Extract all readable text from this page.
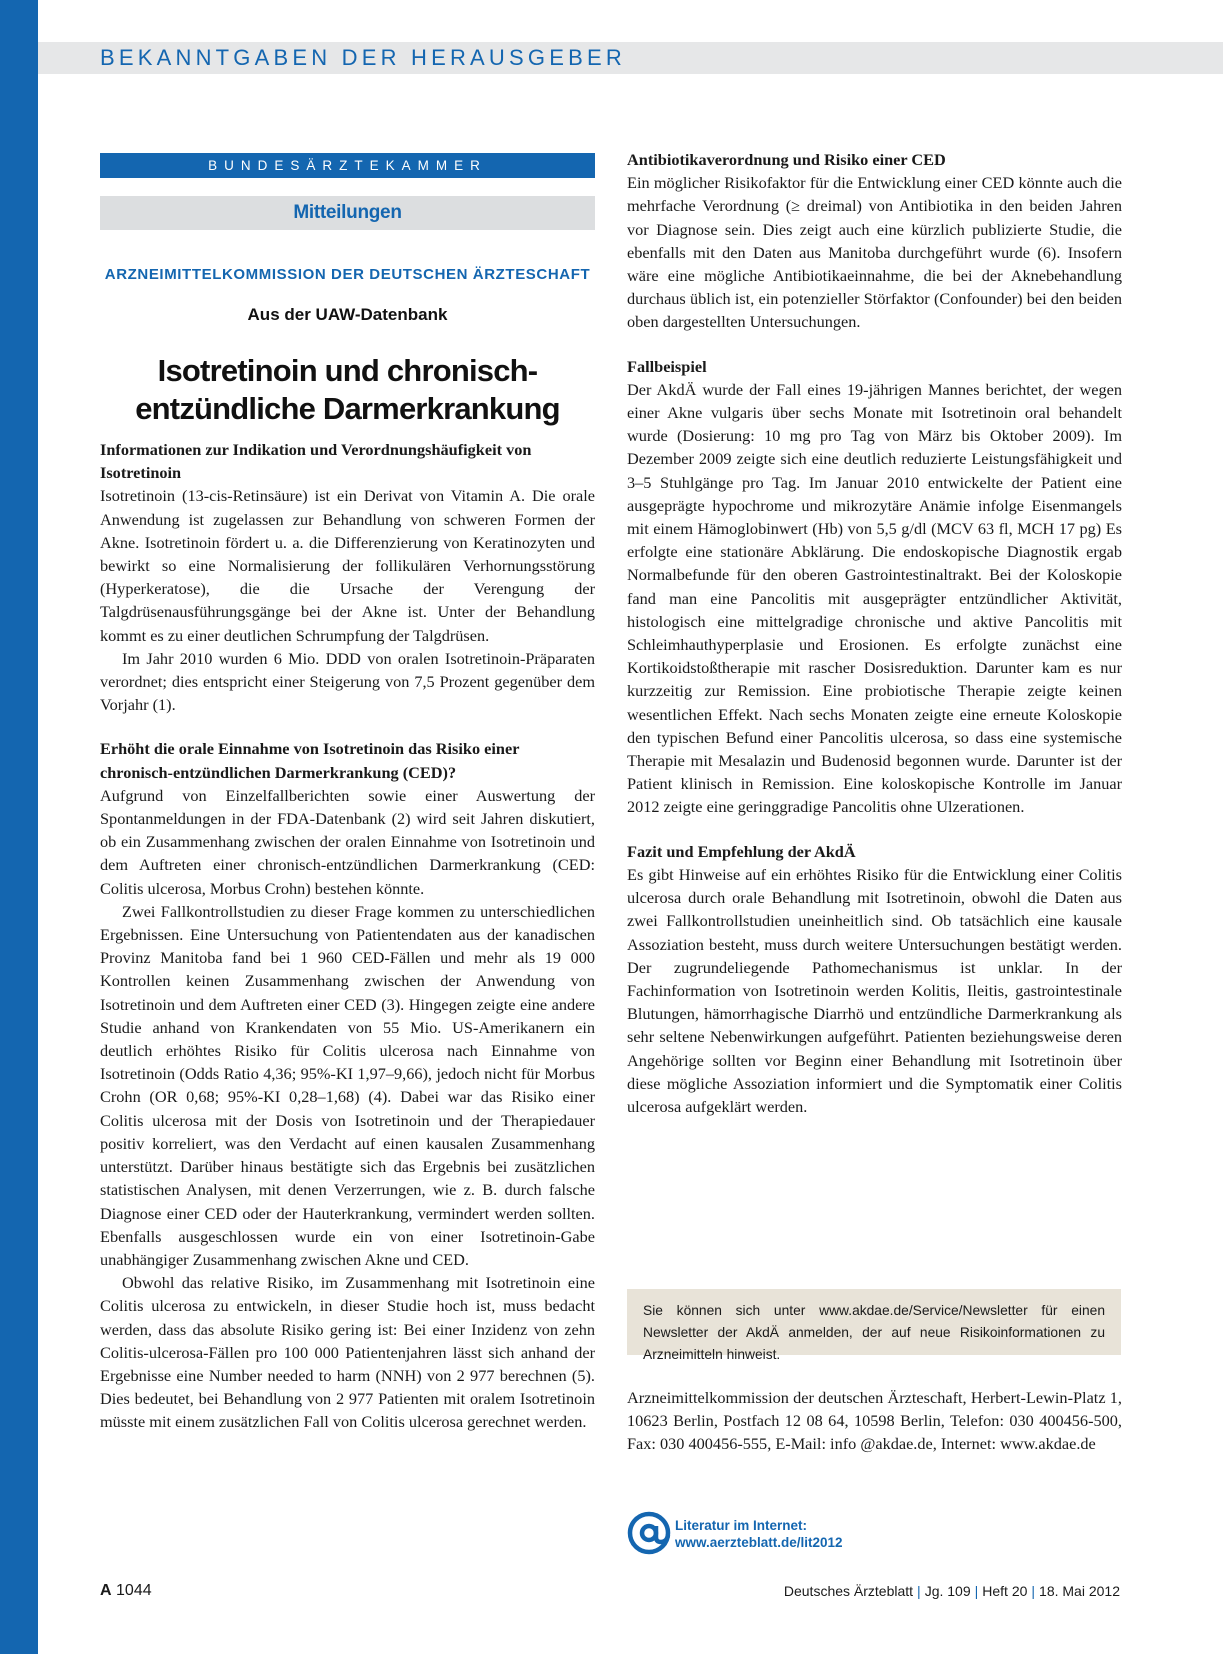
BEKANNTGABEN DER HERAUSGEBER
BUNDESÄRZTEKAMMER
Mitteilungen
ARZNEIMITTELKOMMISSION DER DEUTSCHEN ÄRZTESCHAFT
Aus der UAW-Datenbank
Isotretinoin und chronisch-
entzündliche Darmerkrankung
Informationen zur Indikation und Verordnungshäufigkeit von Isotretinoin

Isotretinoin (13-cis-Retinsäure) ist ein Derivat von Vitamin A. Die orale Anwendung ist zugelassen zur Behandlung von schweren Formen der Akne. Isotretinoin fördert u. a. die Differenzierung von Keratinozyten und bewirkt so eine Normalisierung der follikulären Verhornungsstörung (Hyperkeratose), die die Ursache der Verengung der Talgdrüsenausführungsgänge bei der Akne ist. Unter der Behandlung kommt es zu einer deutlichen Schrumpfung der Talgdrüsen.

Im Jahr 2010 wurden 6 Mio. DDD von oralen Isotretinoin-Präparaten verordnet; dies entspricht einer Steigerung von 7,5 Prozent gegenüber dem Vorjahr (1).

Erhöht die orale Einnahme von Isotretinoin das Risiko einer chronisch-entzündlichen Darmerkrankung (CED)?

Aufgrund von Einzelfallberichten sowie einer Auswertung der Spontanmeldungen in der FDA-Datenbank (2) wird seit Jahren diskutiert, ob ein Zusammenhang zwischen der oralen Einnahme von Isotretinoin und dem Auftreten einer chronisch-entzündlichen Darmerkrankung (CED: Colitis ulcerosa, Morbus Crohn) bestehen könnte.

Zwei Fallkontrollstudien zu dieser Frage kommen zu unterschiedlichen Ergebnissen. Eine Untersuchung von Patientendaten aus der kanadischen Provinz Manitoba fand bei 1 960 CED-Fällen und mehr als 19 000 Kontrollen keinen Zusammenhang zwischen der Anwendung von Isotretinoin und dem Auftreten einer CED (3). Hingegen zeigte eine andere Studie anhand von Krankendaten von 55 Mio. US-Amerikanern ein deutlich erhöhtes Risiko für Colitis ulcerosa nach Einnahme von Isotretinoin (Odds Ratio 4,36; 95%-KI 1,97–9,66), jedoch nicht für Morbus Crohn (OR 0,68; 95%-KI 0,28–1,68) (4). Dabei war das Risiko einer Colitis ulcerosa mit der Dosis von Isotretinoin und der Therapiedauer positiv korreliert, was den Verdacht auf einen kausalen Zusammenhang unterstützt. Darüber hinaus bestätigte sich das Ergebnis bei zusätzlichen statistischen Analysen, mit denen Verzerrungen, wie z. B. durch falsche Diagnose einer CED oder der Hauterkrankung, vermindert werden sollten. Ebenfalls ausgeschlossen wurde ein von einer Isotretinoin-Gabe unabhängiger Zusammenhang zwischen Akne und CED.

Obwohl das relative Risiko, im Zusammenhang mit Isotretinoin eine Colitis ulcerosa zu entwickeln, in dieser Studie hoch ist, muss bedacht werden, dass das absolute Risiko gering ist: Bei einer Inzidenz von zehn Colitis-ulcerosa-Fällen pro 100 000 Patientenjahren lässt sich anhand der Ergebnisse eine Number needed to harm (NNH) von 2 977 berechnen (5). Dies bedeutet, bei Behandlung von 2 977 Patienten mit oralem Isotretinoin müsste mit einem zusätzlichen Fall von Colitis ulcerosa gerechnet werden.

Antibiotikaverordnung und Risiko einer CED

Ein möglicher Risikofaktor für die Entwicklung einer CED könnte auch die mehrfache Verordnung (≥ dreimal) von Antibiotika in den beiden Jahren vor Diagnose sein. Dies zeigt auch eine kürzlich publizierte Studie, die ebenfalls mit den Daten aus Manitoba durchgeführt wurde (6). Insofern wäre eine mögliche Antibiotikaeinnahme, die bei der Aknebehandlung durchaus üblich ist, ein potenzieller Störfaktor (Confounder) bei den beiden oben dargestellten Untersuchungen.

Fallbeispiel

Der AkdÄ wurde der Fall eines 19-jährigen Mannes berichtet, der wegen einer Akne vulgaris über sechs Monate mit Isotretinoin oral behandelt wurde (Dosierung: 10 mg pro Tag von März bis Oktober 2009). Im Dezember 2009 zeigte sich eine deutlich reduzierte Leistungsfähigkeit und 3–5 Stuhlgänge pro Tag. Im Januar 2010 entwickelte der Patient eine ausgeprägte hypochrome und mikrozytäre Anämie infolge Eisenmangels mit einem Hämoglobinwert (Hb) von 5,5 g/dl (MCV 63 fl, MCH 17 pg) Es erfolgte eine stationäre Abklärung. Die endoskopische Diagnostik ergab Normalbefunde für den oberen Gastrointestinaltrakt. Bei der Koloskopie fand man eine Pancolitis mit ausgeprägter entzündlicher Aktivität, histologisch eine mittelgradige chronische und aktive Pancolitis mit Schleimhauthyperplasie und Erosionen. Es erfolgte zunächst eine Kortikoidstoßtherapie mit rascher Dosisreduktion. Darunter kam es nur kurzzeitig zur Remission. Eine probiotische Therapie zeigte keinen wesentlichen Effekt. Nach sechs Monaten zeigte eine erneute Koloskopie den typischen Befund einer Pancolitis ulcerosa, so dass eine systemische Therapie mit Mesalazin und Budenosid begonnen wurde. Darunter ist der Patient klinisch in Remission. Eine koloskopische Kontrolle im Januar 2012 zeigte eine geringgradige Pancolitis ohne Ulzerationen.

Fazit und Empfehlung der AkdÄ

Es gibt Hinweise auf ein erhöhtes Risiko für die Entwicklung einer Colitis ulcerosa durch orale Behandlung mit Isotretinoin, obwohl die Daten aus zwei Fallkontrollstudien uneinheitlich sind. Ob tatsächlich eine kausale Assoziation besteht, muss durch weitere Untersuchungen bestätigt werden. Der zugrundeliegende Pathomechanismus ist unklar. In der Fachinformation von Isotretinoin werden Kolitis, Ileitis, gastrointestinale Blutungen, hämorrhagische Diarrhö und entzündliche Darmerkrankung als sehr seltene Nebenwirkungen aufgeführt. Patienten beziehungsweise deren Angehörige sollten vor Beginn einer Behandlung mit Isotretinoin über diese mögliche Assoziation informiert und die Symptomatik einer Colitis ulcerosa aufgeklärt werden.

Sie können sich unter www.akdae.de/Service/Newsletter für einen Newsletter der AkdÄ anmelden, der auf neue Risikoinformationen zu Arzneimitteln hinweist.
Arzneimittelkommission der deutschen Ärzteschaft, Herbert-Lewin-Platz 1, 10623 Berlin, Postfach 12 08 64, 10598 Berlin, Telefon: 030 400456-500, Fax: 030 400456-555, E-Mail: info @akdae.de, Internet: www.akdae.de
Literatur im Internet:
www.aerzteblatt.de/lit2012
A 1044	Deutsches Ärzteblatt | Jg. 109 | Heft 20 | 18. Mai 2012
